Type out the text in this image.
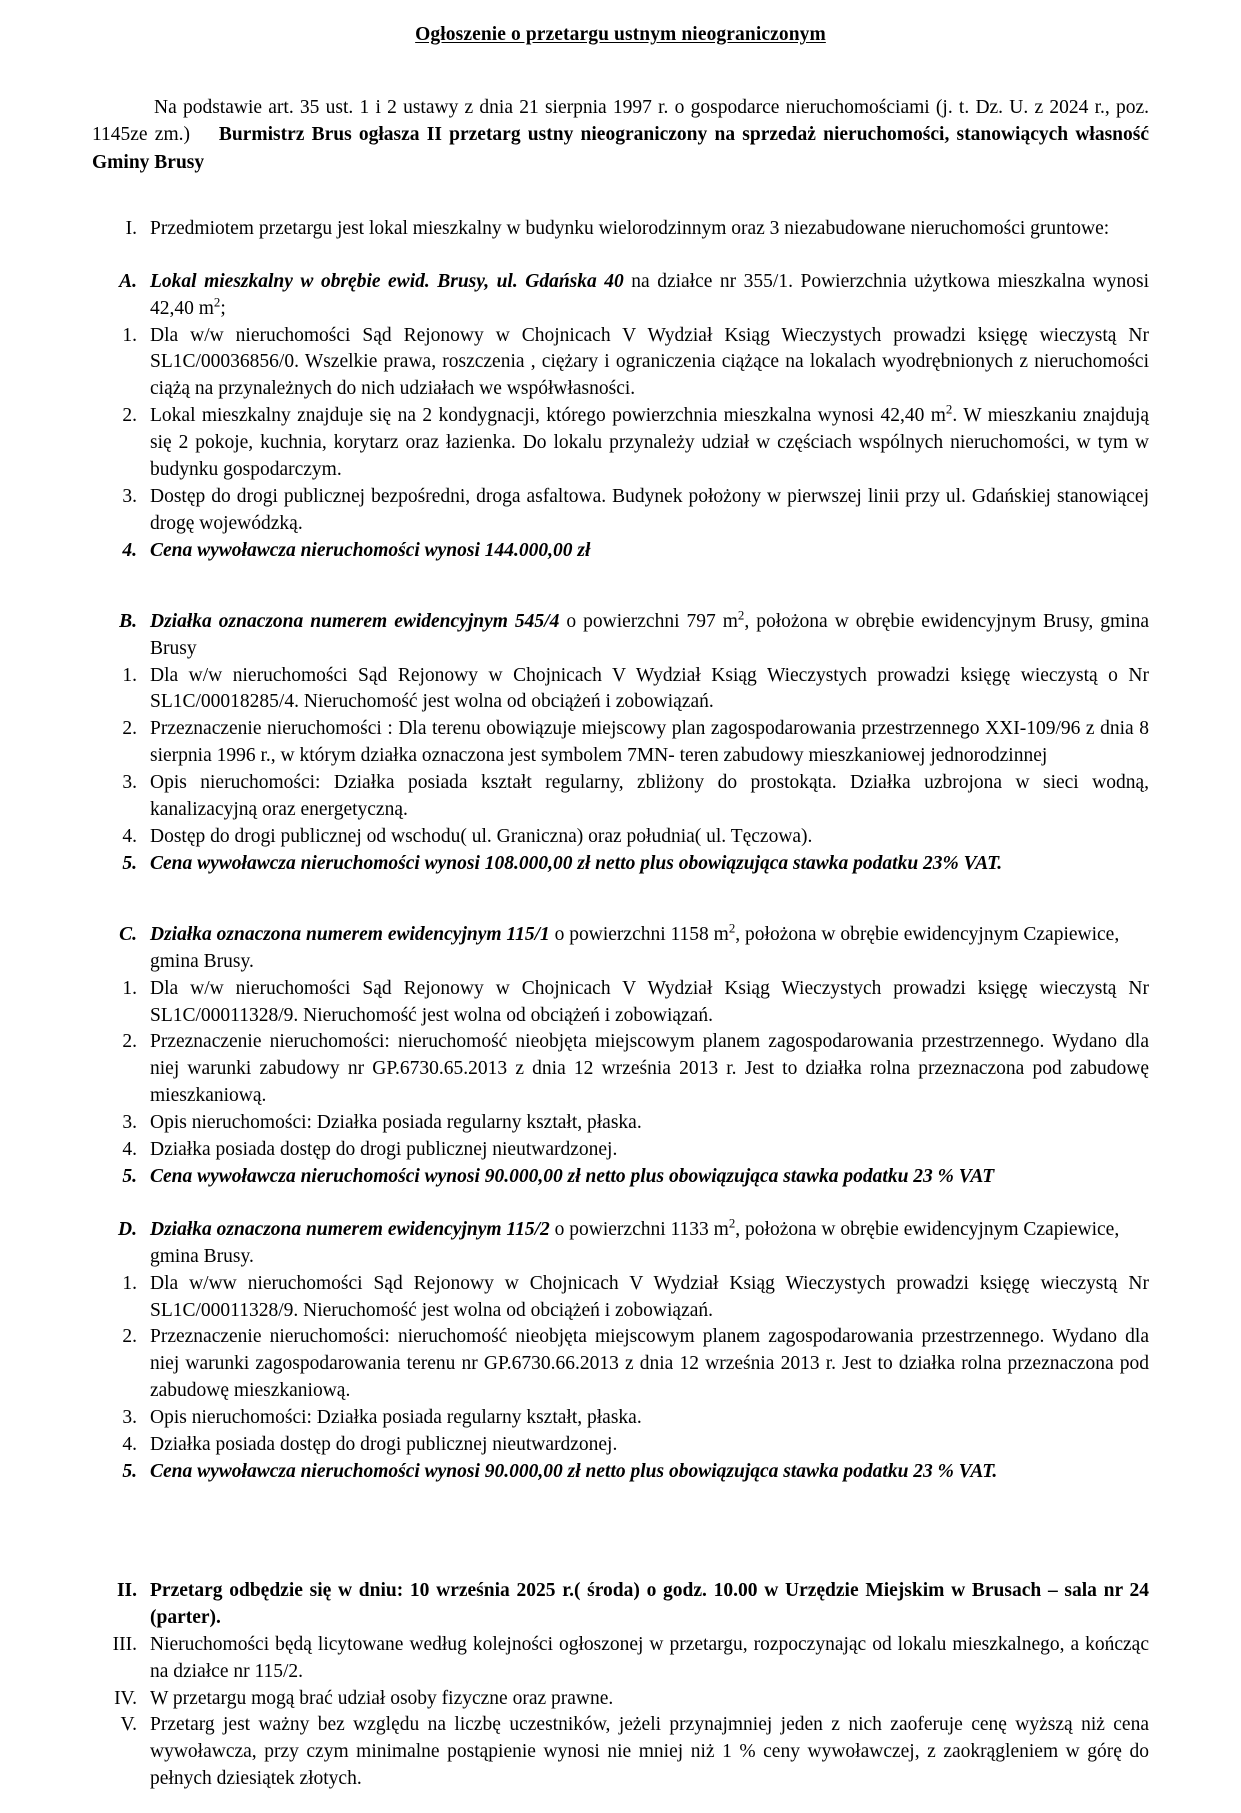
Ogłoszenie o przetargu ustnym nieograniczonym

Na podstawie art. 35 ust. 1 i 2 ustawy z dnia 21 sierpnia 1997 r. o gospodarce nieruchomościami (j. t. Dz. U. z 2024 r., poz. 1145ze zm.) Burmistrz Brus ogłasza II przetarg ustny nieograniczony na sprzedaż nieruchomości, stanowiących własność Gminy Brusy

I. Przedmiotem przetargu jest lokal mieszkalny w budynku wielorodzinnym oraz 3 niezabudowane nieruchomości gruntowe:
A. Lokal mieszkalny w obrębie ewid. Brusy, ul. Gdańska 40 na działce nr 355/1. Powierzchnia użytkowa mieszkalna wynosi 42,40 $m^2$;
1. Dla w/w nieruchomości Sąd Rejonowy w Chojnicach V Wydział Ksiąg Wieczystych prowadzi księgę wieczystą Nr SL1C/00036856/0. Wszelkie prawa, roszczenia , ciężary i ograniczenia ciążące na lokalach wyodrębnionych z nieruchomości ciążą na przynależnych do nich udziałach we współwłasności.
2. Lokal mieszkalny znajduje się na 2 kondygnacji, którego powierzchnia mieszkalna wynosi 42,40 $m^2$. W mieszkaniu znajdują się 2 pokoje, kuchnia, korytarz oraz łazienka. Do lokalu przynależy udział w częściach wspólnych nieruchomości, w tym w budynku gospodarczym.
3. Dostęp do drogi publicznej bezpośredni, droga asfaltowa. Budynek położony w pierwszej linii przy ul. Gdańskiej stanowiącej drogę wojewódzką.
4. Cena wywoławcza nieruchomości wynosi 144.000,00 zł
B. Działka oznaczona numerem ewidencyjnym 545/4 o powierzchni 797 $m^2$, położona w obrębie ewidencyjnym Brusy, gmina Brusy
1. Dla w/w nieruchomości Sąd Rejonowy w Chojnicach V Wydział Ksiąg Wieczystych prowadzi księgę wieczystą o Nr SL1C/00018285/4. Nieruchomość jest wolna od obciążeń i zobowiązań.
2. Przeznaczenie nieruchomości : Dla terenu obowiązuje miejscowy plan zagospodarowania przestrzennego XXI-109/96 z dnia 8 sierpnia 1996 r., w którym działka oznaczona jest symbolem 7MN- teren zabudowy mieszkaniowej jednorodzinnej
3. Opis nieruchomości: Działka posiada kształt regularny, zbliżony do prostokąta. Działka uzbrojona w sieci wodną, kanalizacyjną oraz energetyczną.
4. Dostęp do drogi publicznej od wschodu( ul. Graniczna) oraz południa( ul. Tęczowa).
5. Cena wywoławcza nieruchomości wynosi 108.000,00 zł netto plus obowiązująca stawka podatku 23% VAT.
C. Działka oznaczona numerem ewidencyjnym 115/1 o powierzchni 1158 $m^2$, położona w obrębie ewidencyjnym Czapiewice, gmina Brusy.
1. Dla w/w nieruchomości Sąd Rejonowy w Chojnicach V Wydział Ksiąg Wieczystych prowadzi księgę wieczystą Nr SL1C/00011328/9. Nieruchomość jest wolna od obciążeń i zobowiązań.
2. Przeznaczenie nieruchomości: nieruchomość nieobjęta miejscowym planem zagospodarowania przestrzennego. Wydano dla niej warunki zabudowy nr GP.6730.65.2013 z dnia 12 września 2013 r. Jest to działka rolna przeznaczona pod zabudowę mieszkaniową.
3. Opis nieruchomości: Działka posiada regularny kształt, płaska.
4. Działka posiada dostęp do drogi publicznej nieutwardzonej.
5. Cena wywoławcza nieruchomości wynosi 90.000,00 zł netto plus obowiązująca stawka podatku 23 % VAT
D. Działka oznaczona numerem ewidencyjnym 115/2 o powierzchni 1133 $m^2$, położona w obrębie ewidencyjnym Czapiewice, gmina Brusy.
1. Dla w/ww nieruchomości Sąd Rejonowy w Chojnicach V Wydział Ksiąg Wieczystych prowadzi księgę wieczystą Nr SL1C/00011328/9. Nieruchomość jest wolna od obciążeń i zobowiązań.
2. Przeznaczenie nieruchomości: nieruchomość nieobjęta miejscowym planem zagospodarowania przestrzennego. Wydano dla niej warunki zagospodarowania terenu nr GP.6730.66.2013 z dnia 12 września 2013 r. Jest to działka rolna przeznaczona pod zabudowę mieszkaniową.
3. Opis nieruchomości: Działka posiada regularny kształt, płaska.
4. Działka posiada dostęp do drogi publicznej nieutwardzonej.
5. Cena wywoławcza nieruchomości wynosi 90.000,00 zł netto plus obowiązująca stawka podatku 23 % VAT.
II. Przetarg odbędzie się w dniu: 10 września 2025 r.( środa) o godz. 10.00 w Urzędzie Miejskim w Brusach – sala nr 24 (parter).
III. Nieruchomości będą licytowane według kolejności ogłoszonej w przetargu, rozpoczynając od lokalu mieszkalnego, a kończąc na działce nr 115/2.
IV. W przetargu mogą brać udział osoby fizyczne oraz prawne.
V. Przetarg jest ważny bez względu na liczbę uczestników, jeżeli przynajmniej jeden z nich zaoferuje cenę wyższą niż cena wywoławcza, przy czym minimalne postąpienie wynosi nie mniej niż 1 % ceny wywoławczej, z zaokrągleniem w górę do pełnych dziesiątek złotych.
